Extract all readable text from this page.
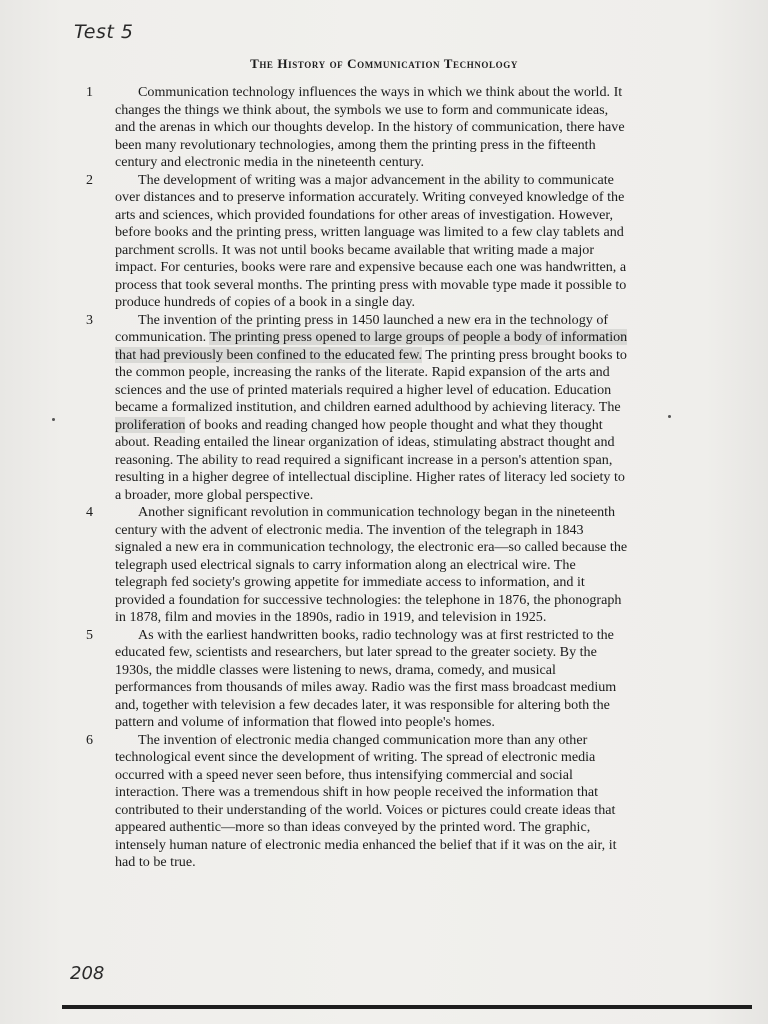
Test 5
The History of Communication Technology
1	Communication technology influences the ways in which we think about the world. It changes the things we think about, the symbols we use to form and communicate ideas, and the arenas in which our thoughts develop. In the history of communication, there have been many revolutionary technologies, among them the printing press in the fifteenth century and electronic media in the nineteenth century.

2	The development of writing was a major advancement in the ability to communicate over distances and to preserve information accurately. Writing conveyed knowledge of the arts and sciences, which provided foundations for other areas of investigation. However, before books and the printing press, written language was limited to a few clay tablets and parchment scrolls. It was not until books became available that writing made a major impact. For centuries, books were rare and expensive because each one was handwritten, a process that took several months. The printing press with movable type made it possible to produce hundreds of copies of a book in a single day.

3	The invention of the printing press in 1450 launched a new era in the technology of communication. The printing press opened to large groups of people a body of information that had previously been confined to the educated few. The printing press brought books to the common people, increasing the ranks of the literate. Rapid expansion of the arts and sciences and the use of printed materials required a higher level of education. Education became a formalized institution, and children earned adulthood by achieving literacy. The proliferation of books and reading changed how people thought and what they thought about. Reading entailed the linear organization of ideas, stimulating abstract thought and reasoning. The ability to read required a significant increase in a person's attention span, resulting in a higher degree of intellectual discipline. Higher rates of literacy led society to a broader, more global perspective.

4	Another significant revolution in communication technology began in the nineteenth century with the advent of electronic media. The invention of the telegraph in 1843 signaled a new era in communication technology, the electronic era—so called because the telegraph used electrical signals to carry information along an electrical wire. The telegraph fed society's growing appetite for immediate access to information, and it provided a foundation for successive technologies: the telephone in 1876, the phonograph in 1878, film and movies in the 1890s, radio in 1919, and television in 1925.

5	As with the earliest handwritten books, radio technology was at first restricted to the educated few, scientists and researchers, but later spread to the greater society. By the 1930s, the middle classes were listening to news, drama, comedy, and musical performances from thousands of miles away. Radio was the first mass broadcast medium and, together with television a few decades later, it was responsible for altering both the pattern and volume of information that flowed into people's homes.

6	The invention of electronic media changed communication more than any other technological event since the development of writing. The spread of electronic media occurred with a speed never seen before, thus intensifying commercial and social interaction. There was a tremendous shift in how people received the information that contributed to their understanding of the world. Voices or pictures could create ideas that appeared authentic—more so than ideas conveyed by the printed word. The graphic, intensely human nature of electronic media enhanced the belief that if it was on the air, it had to be true.

208
